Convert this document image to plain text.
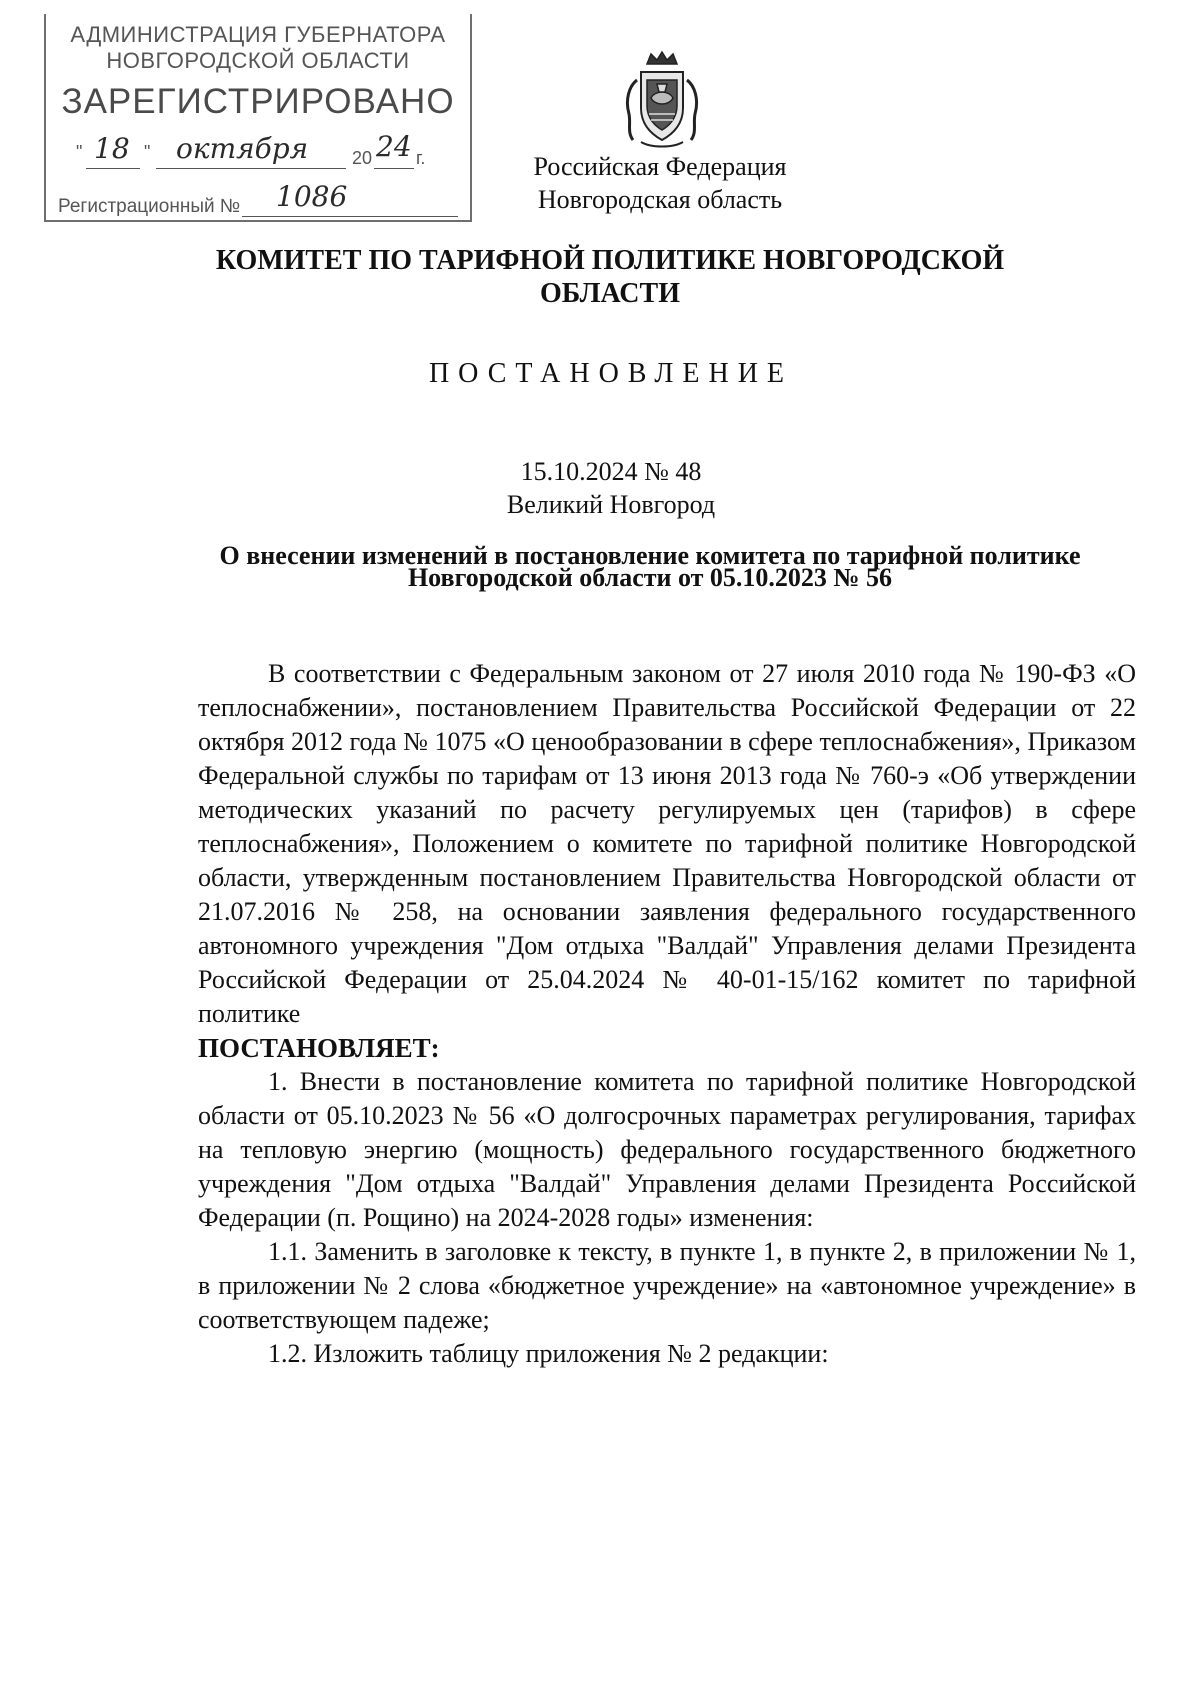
АДМИНИСТРАЦИЯ ГУБЕРНАТОРА
НОВГОРОДСКОЙ ОБЛАСТИ
ЗАРЕГИСТРИРОВАНО
" 18 " октября 20 24 г.
Регистрационный № 1086
Российская Федерация
Новгородская область
КОМИТЕТ ПО ТАРИФНОЙ ПОЛИТИКЕ НОВГОРОДСКОЙ
ОБЛАСТИ
ПОСТАНОВЛЕНИЕ
15.10.2024 № 48
Великий Новгород
О внесении изменений в постановление комитета по тарифной политике
Новгородской области от 05.10.2023 № 56

В соответствии с Федеральным законом от 27 июля 2010 года № 190-ФЗ «О теплоснабжении», постановлением Правительства Российской Федерации от 22 октября 2012 года № 1075 «О ценообразовании в сфере теплоснабжения», Приказом Федеральной службы по тарифам от 13 июня 2013 года № 760-э «Об утверждении методических указаний по расчету регулируемых цен (тарифов) в сфере теплоснабжения», Положением о комитете по тарифной политике Новгородской области, утвержденным постановлением Правительства Новгородской области от 21.07.2016 № 258, на основании заявления федерального государственного автономного учреждения "Дом отдыха "Валдай" Управления делами Президента Российской Федерации от 25.04.2024 № 40-01-15/162 комитет по тарифной политике

ПОСТАНОВЛЯЕТ:

1. Внести в постановление комитета по тарифной политике Новгородской области от 05.10.2023 № 56 «О долгосрочных параметрах регулирования, тарифах на тепловую энергию (мощность) федерального государственного бюджетного учреждения "Дом отдыха "Валдай" Управления делами Президента Российской Федерации (п. Рощино) на 2024-2028 годы» изменения:

1.1. Заменить в заголовке к тексту, в пункте 1, в пункте 2, в приложении № 1, в приложении № 2 слова «бюджетное учреждение» на «автономное учреждение» в соответствующем падеже;

1.2. Изложить таблицу приложения № 2 редакции:
